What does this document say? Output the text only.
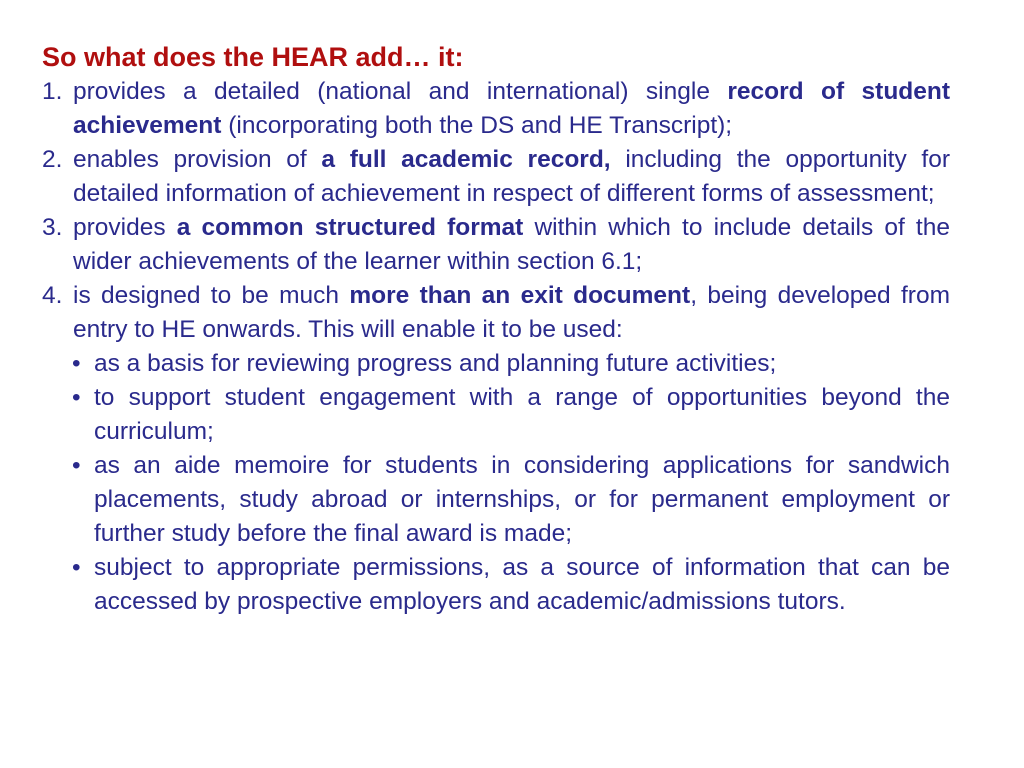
So what does the HEAR add… it:
1. provides a detailed (national and international) single record of student achievement (incorporating both the DS and HE Transcript);
2. enables provision of a full academic record, including the opportunity for detailed information of achievement in respect of different forms of assessment;
3. provides a common structured format within which to include details of the wider achievements of the learner within section 6.1;
4. is designed to be much more than an exit document, being developed from entry to HE onwards. This will enable it to be used:
• as a basis for reviewing progress and planning future activities;
• to support student engagement with a range of opportunities beyond the curriculum;
• as an aide memoire for students in considering applications for sandwich placements, study abroad or internships, or for permanent employment or further study before the final award is made;
• subject to appropriate permissions, as a source of information that can be accessed by prospective employers and academic/admissions tutors.
